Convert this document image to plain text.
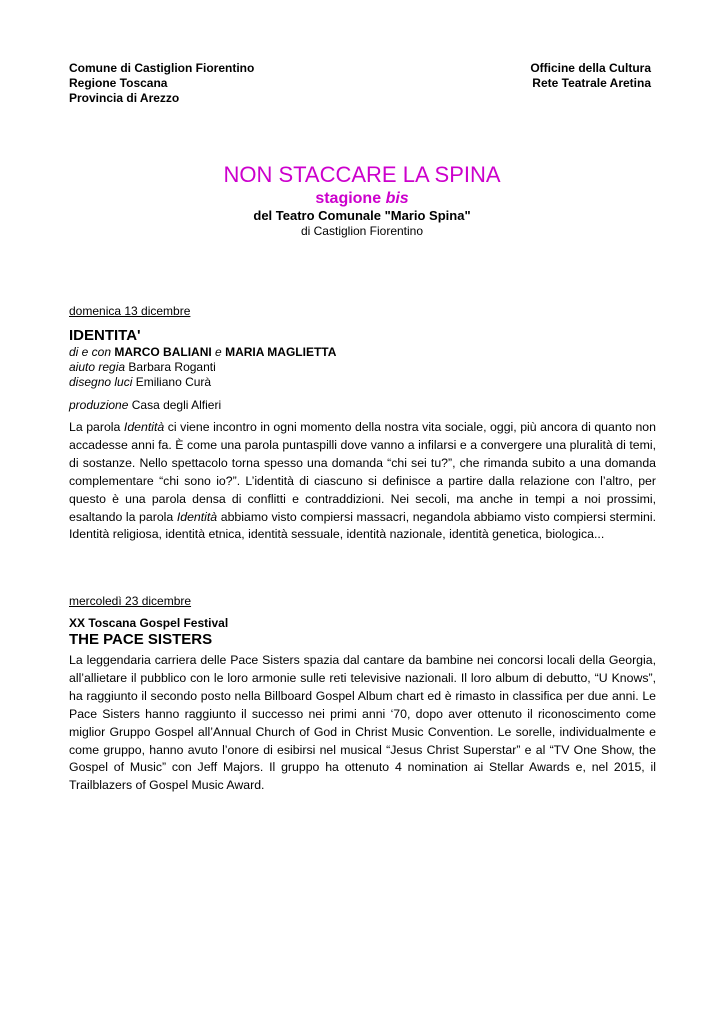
Comune di Castiglion Fiorentino
Regione Toscana
Provincia di Arezzo
Officine della Cultura
Rete Teatrale Aretina
NON STACCARE LA SPINA
stagione bis
del Teatro Comunale "Mario Spina"
di Castiglion Fiorentino
domenica 13 dicembre
IDENTITA'
di e con MARCO BALIANI e MARIA MAGLIETTA
aiuto regia Barbara Roganti
disegno luci Emiliano Curà
produzione Casa degli Alfieri

La parola Identità ci viene incontro in ogni momento della nostra vita sociale, oggi, più ancora di quanto non accadesse anni fa. È come una parola puntaspilli dove vanno a infilarsi e a convergere una pluralità di temi, di sostanze. Nello spettacolo torna spesso una domanda “chi sei tu?”, che rimanda subito a una domanda complementare “chi sono io?”. L’identità di ciascuno si definisce a partire dalla relazione con l’altro, per questo è una parola densa di conflitti e contraddizioni. Nei secoli, ma anche in tempi a noi prossimi, esaltando la parola Identità abbiamo visto compiersi massacri, negandola abbiamo visto compiersi stermini. Identità religiosa, identità etnica, identità sessuale, identità nazionale, identità genetica, biologica...

mercoledì 23 dicembre
XX Toscana Gospel Festival
THE PACE SISTERS

La leggendaria carriera delle Pace Sisters spazia dal cantare da bambine nei concorsi locali della Georgia, all’allietare il pubblico con le loro armonie sulle reti televisive nazionali. Il loro album di debutto, “U Knows”, ha raggiunto il secondo posto nella Billboard Gospel Album chart ed è rimasto in classifica per due anni. Le Pace Sisters hanno raggiunto il successo nei primi anni ‘70, dopo aver ottenuto il riconoscimento come miglior Gruppo Gospel all’Annual Church of God in Christ Music Convention. Le sorelle, individualmente e come gruppo, hanno avuto l’onore di esibirsi nel musical “Jesus Christ Superstar” e al “TV One Show, the Gospel of Music” con Jeff Majors. Il gruppo ha ottenuto 4 nomination ai Stellar Awards e, nel 2015, il Trailblazers of Gospel Music Award.
